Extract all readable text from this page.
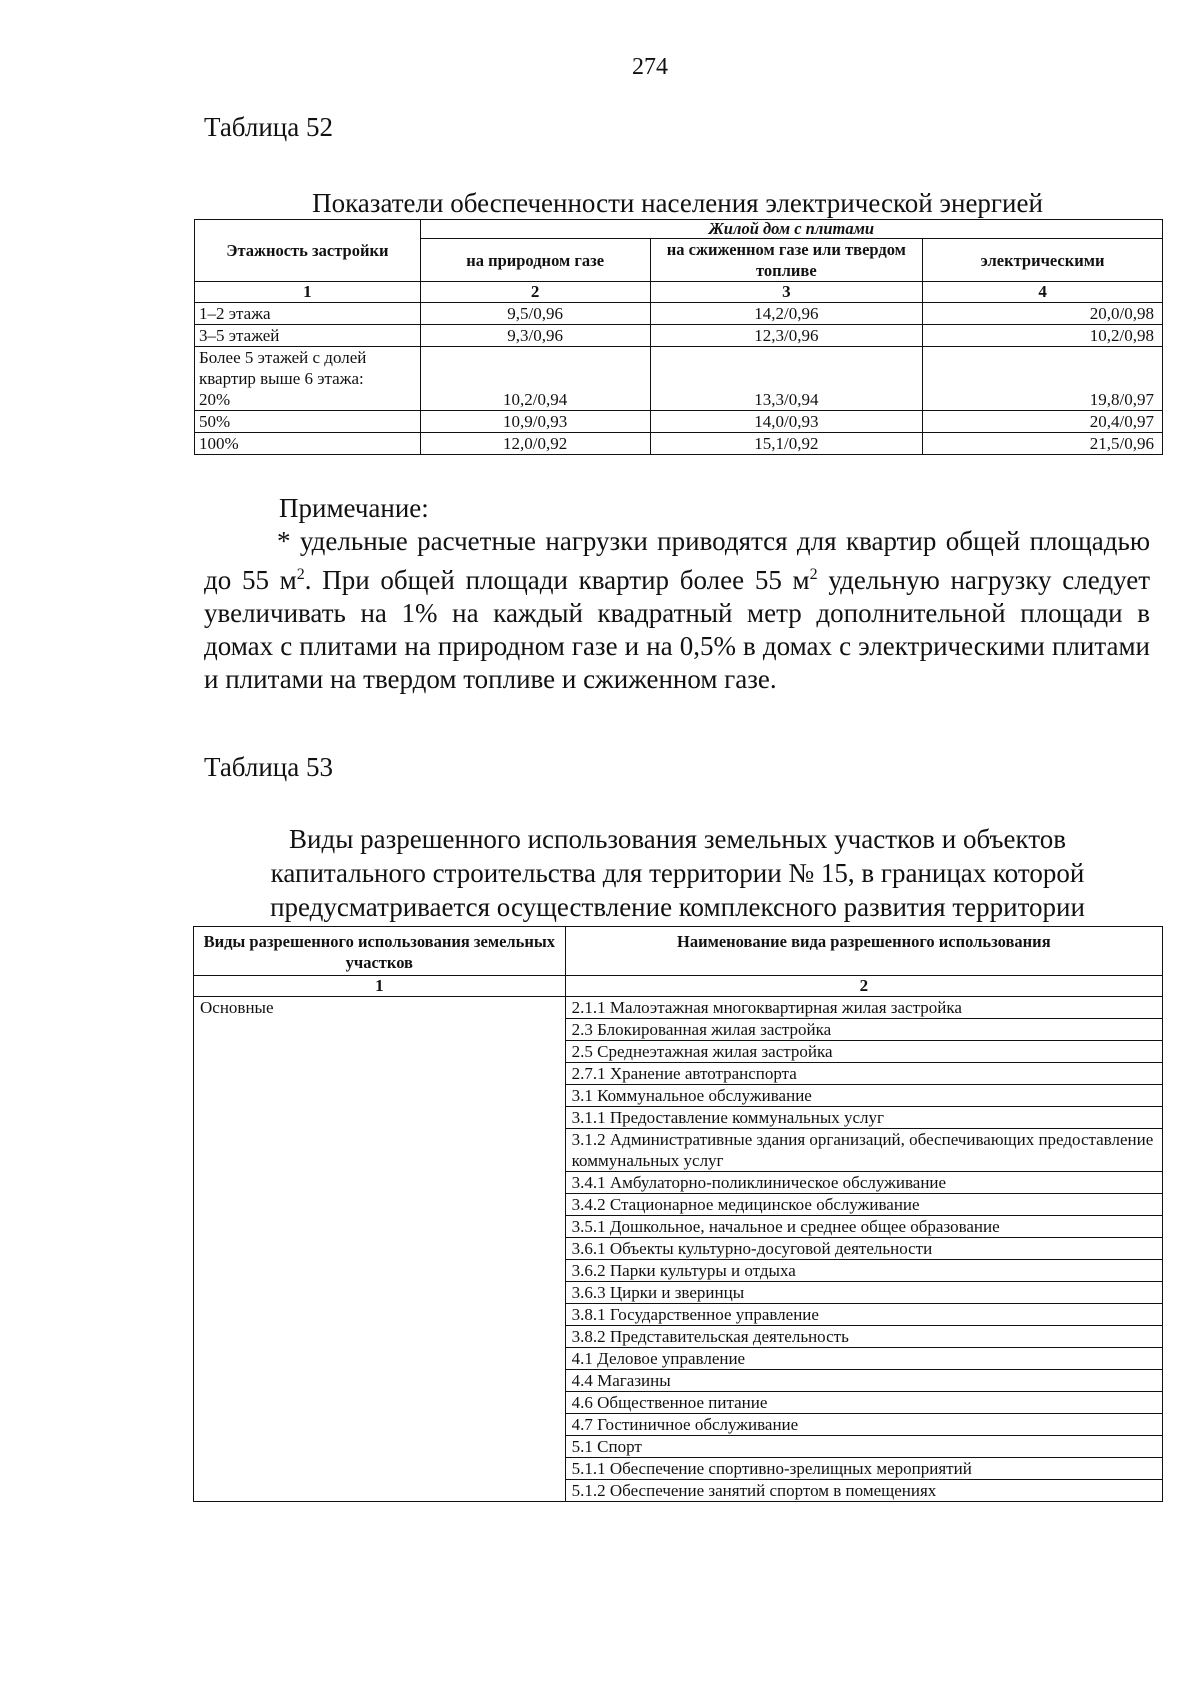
274
Таблица 52
Показатели обеспеченности населения электрической энергией
Этажность застройки	Жилой дом с плитами		
	на природном газе	на сжиженном газе или твердом топливе	электрическими
1	2	3	4
1–2 этажа	9,5/0,96	14,2/0,96	20,0/0,98
3–5 этажей	9,3/0,96	12,3/0,96	10,2/0,98

Более 5 этажей с долей квартир выше 6 этажа:
20%	10,2/0,94	13,3/0,94	19,8/0,97
50%	10,9/0,93	14,0/0,93	20,4/0,97
100%	12,0/0,92	15,1/0,92	21,5/0,96
Примечание:
* удельные расчетные нагрузки приводятся для квартир общей площадью до 55 $м^2$. При общей площади квартир более 55 $м^2$ удельную нагрузку следует увеличивать на 1% на каждый квадратный метр дополнительной площади в домах с плитами на природном газе и на 0,5% в домах с электрическими плитами и плитами на твердом топливе и сжиженном газе.
Таблица 53
Виды разрешенного использования земельных участков и объектов
капитального строительства для территории № 15, в границах которой
предусматривается осуществление комплексного развития территории
Виды разрешенного использования земельных участков	Наименование вида разрешенного использования
1	2
Основные	2.1.1 Малоэтажная многоквартирная жилая застройка
	2.3 Блокированная жилая застройка
	2.5 Среднеэтажная жилая застройка
	2.7.1 Хранение автотранспорта
	3.1 Коммунальное обслуживание
	3.1.1 Предоставление коммунальных услуг
	3.1.2 Административные здания организаций, обеспечивающих предоставление коммунальных услуг
	3.4.1 Амбулаторно-поликлиническое обслуживание
	3.4.2 Стационарное медицинское обслуживание
	3.5.1 Дошкольное, начальное и среднее общее образование
	3.6.1 Объекты культурно-досуговой деятельности
	3.6.2 Парки культуры и отдыха
	3.6.3 Цирки и зверинцы
	3.8.1 Государственное управление
	3.8.2 Представительская деятельность
	4.1 Деловое управление
	4.4 Магазины
	4.6 Общественное питание
	4.7 Гостиничное обслуживание
	5.1 Спорт
	5.1.1 Обеспечение спортивно-зрелищных мероприятий
	5.1.2 Обеспечение занятий спортом в помещениях
